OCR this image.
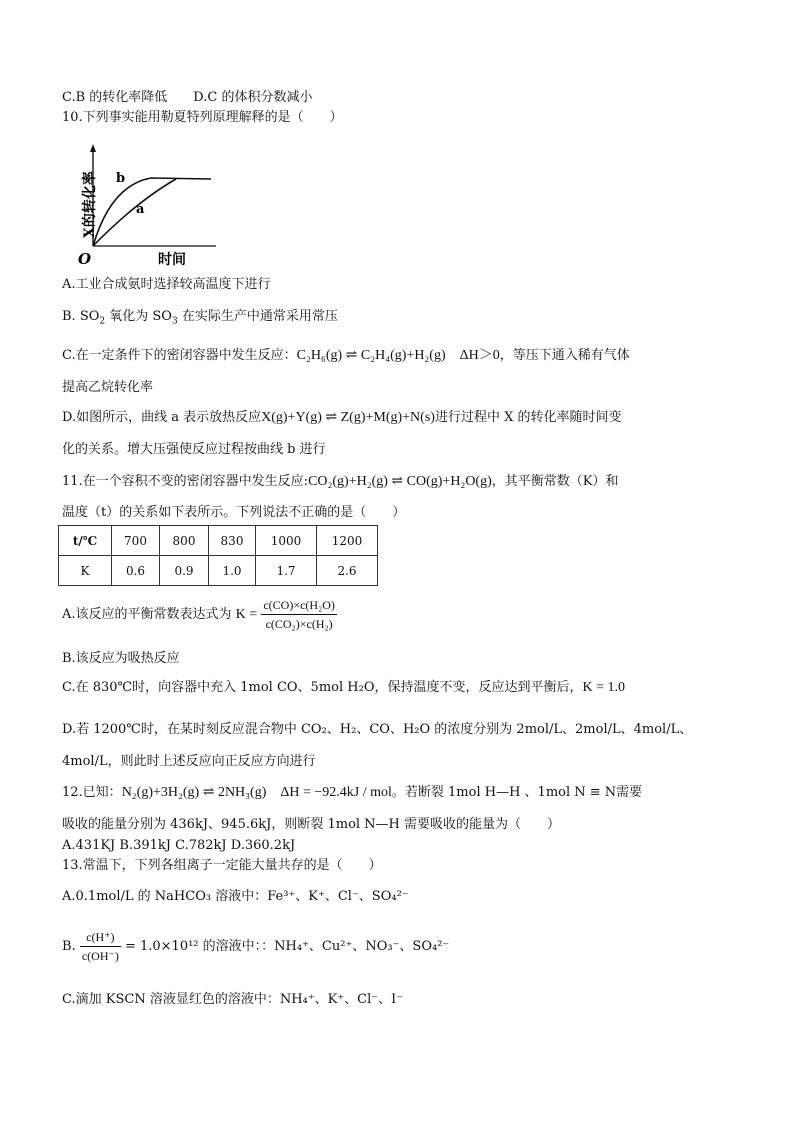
C.B 的转化率降低　　D.C 的体积分数减小
10.下列事实能用勒夏特列原理解释的是（　　）
X的转化率 b
a
O	时间
A.工业合成氨时选择较高温度下进行
B. $SO_2$ 氧化为 $SO_3$ 在实际生产中通常采用常压
C.在一定条件下的密闭容器中发生反应：C₂H₆(g) ⇌ C₂H₄(g)+H₂(g)　ΔH＞0，等压下通入稀有气体
提高乙烷转化率
D.如图所示，曲线 a 表示放热反应X(g)+Y(g) ⇌ Z(g)+M(g)+N(s)进行过程中 X 的转化率随时间变
化的关系。增大压强使反应过程按曲线 b 进行
11.在一个容积不变的密闭容器中发生反应:CO₂(g)+H₂(g) ⇌ CO(g)+H₂O(g)，其平衡常数（K）和
温度（t）的关系如下表所示。下列说法不正确的是（　　）
t/℃	700	800	830	1000	1200
K	0.6	0.9	1.0	1.7	2.6
A.该反应的平衡常数表达式为 $K = \frac{\text{c(CO)×c(H₂O)}}{\text{c(CO₂)×c(H₂)}}$
B.该反应为吸热反应
C.在 830℃时，向容器中充入 1mol CO、5mol H₂O，保持温度不变，反应达到平衡后，K = 1.0
D.若 1200℃时，在某时刻反应混合物中 CO₂、H₂、CO、H₂O 的浓度分别为 2mol/L、2mol/L、4mol/L、
4mol/L，则此时上述反应向正反应方向进行
12.已知：N₂(g)+3H₂(g) ⇌ 2NH₃(g)　ΔH = −92.4kJ / mol。若断裂 1mol H—H 、1mol N ≡ N需要
吸收的能量分别为 436kJ、945.6kJ，则断裂 1mol N—H 需要吸收的能量为（　　）
A.431KJ B.391kJ C.782kJ D.360.2kJ
13.常温下，下列各组离子一定能大量共存的是（　　）
A.0.1mol/L 的 NaHCO₃ 溶液中：Fe³⁺、K⁺、Cl⁻、SO₄²⁻
B. $\frac{c(H^+)}{c(OH^-)} = 1.0\times 10^{12}$ 的溶液中：：NH₄⁺、Cu²⁺、NO₃⁻、SO₄²⁻
C.滴加 KSCN 溶液显红色的溶液中：NH₄⁺、K⁺、Cl⁻、I⁻
